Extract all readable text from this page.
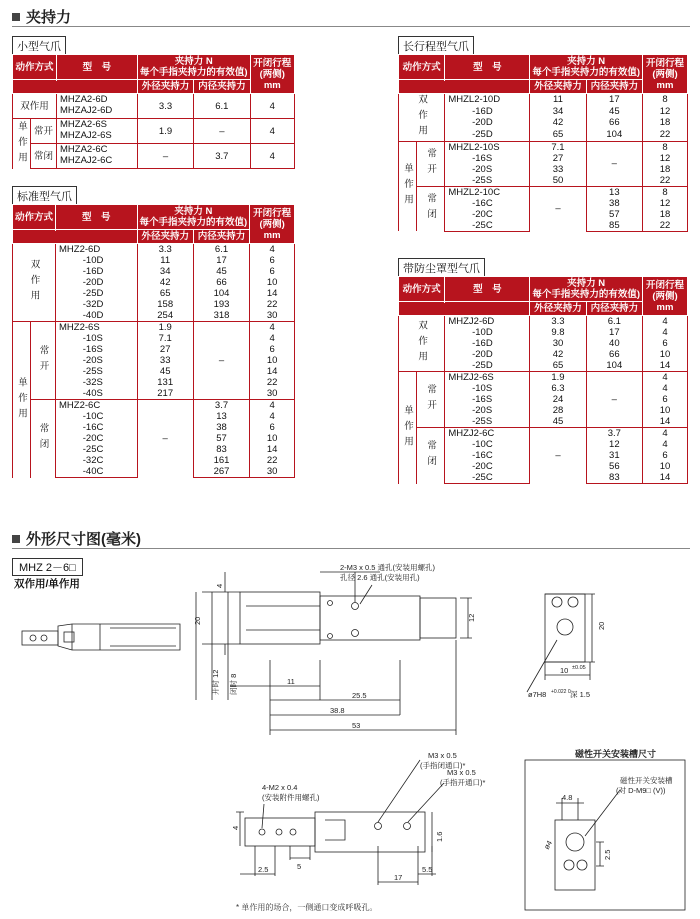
夹持力
小型气爪
动作方式		型　号	夹持力 N
每个手指夹持力的有效值)		开闭行程
(两侧)
mm

			外径夹持力	内径夹持力	
双作用		MHZA2-6D
MHZAJ2-6D	3.3	6.1	4
单作用	常开	MHZA2-6S
MHZAJ2-6S	1.9	–	4
	常闭	MHZA2-6C
MHZAJ2-6C	–	3.7	4
标准型气爪
长行程型气爪
带防尘罩型气爪
外形尺寸图(毫米)
MHZ 2－6□
双作用/单作用
2-M3 x 0.5 通孔(安装用螺孔)
孔径 2.6 通孔(安装用孔)
20	12
11
25.5
38.8
53
开时 12 闭时 8
4
20
10 ±0.05
ø7H8 +0.022 0 深 1.5
M3 x 0.5
(手指闭通口)*
M3 x 0.5
(手指开通口)*
4-M2 x 0.4
(安装附件用螺孔)
1.6
2.5	5
17
5.5
4
磁性开关安装槽尺寸
磁性开关安装槽
(对 D-M9□ (V))
4.8
2.5
ø4
* 单作用的场合，一侧通口变成呼吸孔。
动作方式		型　号	夹持力 N
每个手指夹持力的有效值)		开闭行程
(两侧)
mm

			外径夹持力	内径夹持力	
双作用		MHZ2-6D	3.3	6.1	4
		-10D	11	17	6
		-16D	34	45	6
		-20D	42	66	10
		-25D	65	104	14
		-32D	158	193	22
		-40D	254	318	30
单作用	常开	MHZ2-6S	1.9	–	4
		-10S	7.1		4
		-16S	27		6
		-20S	33		10
		-25S	45		14
		-32S	131		22
		-40S	217		30
	常闭	MHZ2-6C	–	3.7	4
		-10C		13	4
		-16C		38	6
		-20C		57	10
		-25C		83	14
		-32C		161	22
		-40C		267	30
动作方式		型　号	夹持力 N
每个手指夹持力的有效值)		开闭行程
(两侧)
mm

			外径夹持力	内径夹持力	
双作用		MHZL2-10D	11	17	8
		-16D	34	45	12
		-20D	42	66	18
		-25D	65	104	22
单作用	常开	MHZL2-10S	7.1	–	8
		-16S	27		12
		-20S	33		18
		-25S	50		22
	常闭	MHZL2-10C	–	13	8
		-16C		38	12
		-20C		57	18
		-25C		85	22
动作方式		型　号	夹持力 N
每个手指夹持力的有效值)		开闭行程
(两侧)
mm

			外径夹持力	内径夹持力	
双作用		MHZJ2-6D	3.3	6.1	4
		-10D	9.8	17	4
		-16D	30	40	6
		-20D	42	66	10
		-25D	65	104	14
单作用	常开	MHZJ2-6S	1.9	–	4
		-10S	6.3		4
		-16S	24		6
		-20S	28		10
		-25S	45		14
	常闭	MHZJ2-6C	–	3.7	4
		-10C		12	4
		-16C		31	6
		-20C		56	10
		-25C		83	14
